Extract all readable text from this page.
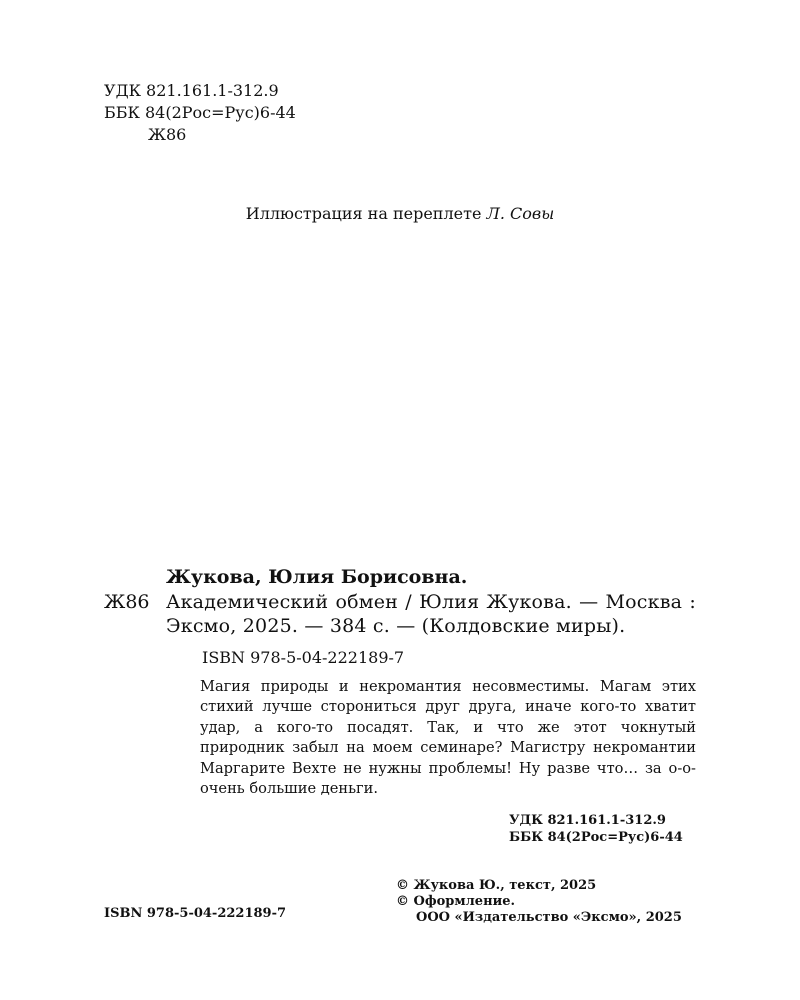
УДК 821.161.1-312.9
ББК 84(2Рос=Рус)6-44
Ж86
Иллюстрация на переплете Л. Совы
Жукова, Юлия Борисовна.
Ж86 Академический обмен / Юлия Жукова. — Москва : Эксмо, 2025. — 384 с. — (Колдовские миры).
ISBN 978-5-04-222189-7
Магия природы и некромантия несовместимы. Магам этих стихий лучше сторониться друг друга, иначе кого-то хватит удар, а кого-то посадят. Так, и что же этот чокнутый природник забыл на моем семинаре? Магистру некромантии Маргарите Вехте не нужны проблемы! Ну разве что… за о-о-очень большие деньги.
УДК 821.161.1-312.9
ББК 84(2Рос=Рус)6-44
© Жукова Ю., текст, 2025
© Оформление.
ООО «Издательство «Эксмо», 2025
ISBN 978-5-04-222189-7
